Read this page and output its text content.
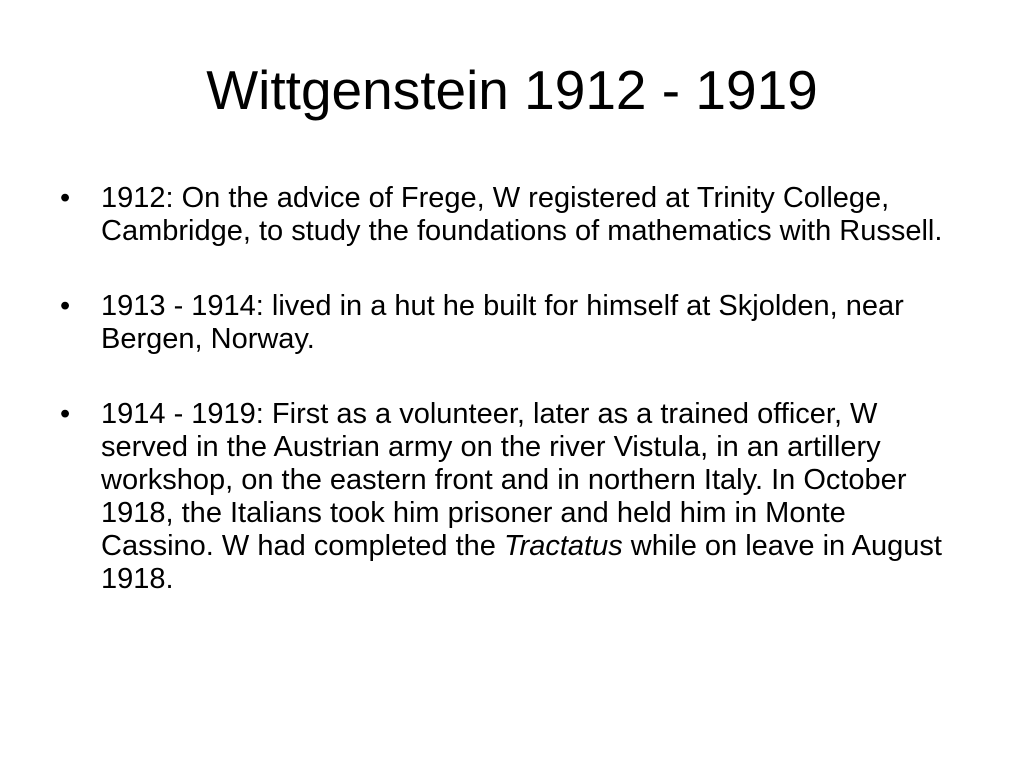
Wittgenstein 1912 - 1919
• 1912: On the advice of Frege, W registered at Trinity College, Cambridge, to study the foundations of mathematics with Russell.
• 1913 - 1914: lived in a hut he built for himself at Skjolden, near Bergen, Norway.
• 1914 - 1919: First as a volunteer, later as a trained officer, W served in the Austrian army on the river Vistula, in an artillery workshop, on the eastern front and in northern Italy. In October 1918, the Italians took him prisoner and held him in Monte Cassino. W had completed the Tractatus while on leave in August 1918.
